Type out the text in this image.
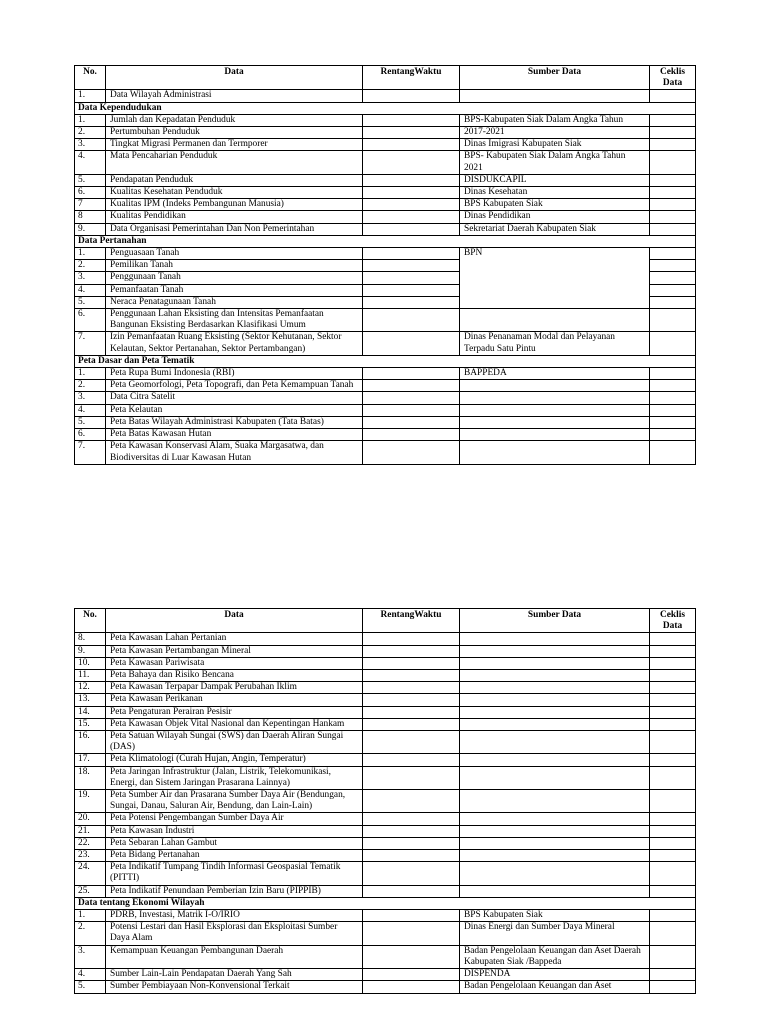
No.	Data	RentangWaktu	Sumber Data	Ceklis
Data
1.	Data Wilayah Administrasi			
Data Kependudukan				
1.	Jumlah dan Kepadatan Penduduk		BPS-Kabupaten Siak Dalam Angka Tahun	
2.	Pertumbuhan Penduduk		2017-2021	
3.	Tingkat Migrasi Permanen dan Termporer		Dinas Imigrasi Kabupaten Siak	
4.	Mata Pencaharian Penduduk		BPS- Kabupaten Siak Dalam Angka Tahun 2021	
5.	Pendapatan Penduduk		DISDUKCAPIL	
6.	Kualitas Kesehatan Penduduk		Dinas Kesehatan	
7	Kualitas IPM (Indeks Pembangunan Manusia)		BPS Kabupaten Siak	
8	Kualitas Pendidikan		Dinas Pendidikan	
9.	Data Organisasi Pemerintahan Dan Non Pemerintahan		Sekretariat Daerah Kabupaten Siak	
Data Pertanahan				
1.	Penguasaan Tanah		BPN	
2.	Pemilikan Tanah			
3.	Penggunaan Tanah			
4.	Pemanfaatan Tanah			
5.	Neraca Penatagunaan Tanah			
6.	Penggunaan Lahan Eksisting dan Intensitas Pemanfaatan Bangunan Eksisting Berdasarkan Klasifikasi Umum			
7.	Izin Pemanfaatan Ruang Eksisting (Sektor Kehutanan, Sektor Kelautan, Sektor Pertanahan, Sektor Pertambangan)		Dinas Penanaman Modal dan Pelayanan Terpadu Satu Pintu	
Peta Dasar dan Peta Tematik				
1.	Peta Rupa Bumi Indonesia (RBI)		BAPPEDA	
2.	Peta Geomorfologi, Peta Topografi, dan Peta Kemampuan Tanah			
3.	Data Citra Satelit			
4.	Peta Kelautan			
5.	Peta Batas Wilayah Administrasi Kabupaten (Tata Batas)			
6.	Peta Batas Kawasan Hutan			
7.	Peta Kawasan Konservasi Alam, Suaka Margasatwa, dan Biodiversitas di Luar Kawasan Hutan			
No.	Data	RentangWaktu	Sumber Data	Ceklis
Data
8.	Peta Kawasan Lahan Pertanian			
9.	Peta Kawasan Pertambangan Mineral			
10.	Peta Kawasan Pariwisata			
11.	Peta Bahaya dan Risiko Bencana			
12.	Peta Kawasan Terpapar Dampak Perubahan Iklim			
13.	Peta Kawasan Perikanan			
14.	Peta Pengaturan Perairan Pesisir			
15.	Peta Kawasan Objek Vital Nasional dan Kepentingan Hankam			
16.	Peta Satuan Wilayah Sungai (SWS) dan Daerah Aliran Sungai (DAS)			
17.	Peta Klimatologi (Curah Hujan, Angin, Temperatur)			
18.	Peta Jaringan Infrastruktur (Jalan, Listrik, Telekomunikasi, Energi, dan Sistem Jaringan Prasarana Lainnya)			
19.	Peta Sumber Air dan Prasarana Sumber Daya Air (Bendungan, Sungai, Danau, Saluran Air, Bendung, dan Lain-Lain)			
20.	Peta Potensi Pengembangan Sumber Daya Air			
21.	Peta Kawasan Industri			
22.	Peta Sebaran Lahan Gambut			
23.	Peta Bidang Pertanahan			
24.	Peta Indikatif Tumpang Tindih Informasi Geospasial Tematik (PITTI)			
25.	Peta Indikatif Penundaan Pemberian Izin Baru (PIPPIB)			
Data tentang Ekonomi Wilayah				
1.	PDRB, Investasi, Matrik I-O/IRIO		BPS Kabupaten Siak	
2.	Potensi Lestari dan Hasil Eksplorasi dan Eksploitasi Sumber Daya Alam		Dinas Energi dan Sumber Daya Mineral	
3.	Kemampuan Keuangan Pembangunan Daerah		Badan Pengelolaan Keuangan dan Aset Daerah Kabupaten Siak /Bappeda	
4.	Sumber Lain-Lain Pendapatan Daerah Yang Sah		DISPENDA	
5.	Sumber Pembiayaan Non-Konvensional Terkait		Badan Pengelolaan Keuangan dan Aset	
